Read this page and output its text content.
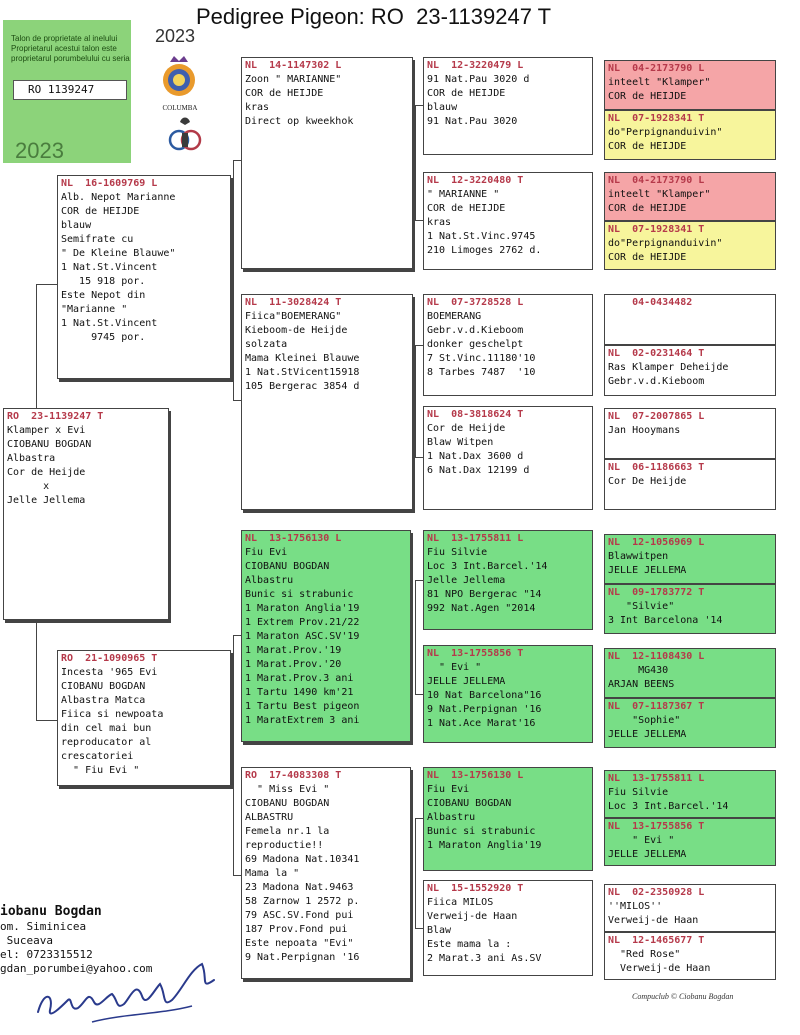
Pedigree Pigeon: RO  23-1139247 T
Talon de proprietate al inelului
Proprietarul acestui talon este
proprietarul porumbelului cu seria
RO 1139247
2023
2023
COLUMBA
RO  23-1139247 T
Klamper x Evi
CIOBANU BOGDAN
Albastra
Cor de Heijde
x
Jelle Jellema
NL  16-1609769 L
Alb. Nepot Marianne
COR de HEIJDE
blauw
Semifrate cu
" De Kleine Blauwe"
1 Nat.St.Vincent
15 918 por.
Este Nepot din
"Marianne "
1 Nat.St.Vincent
9745 por.
RO  21-1090965 T
Incesta '965 Evi
CIOBANU BOGDAN
Albastra Matca
Fiica si newpoata
din cel mai bun
reproducator al
crescatoriei
" Fiu Evi "
NL  14-1147302 L
Zoon " MARIANNE"
COR de HEIJDE
kras
Direct op kweekhok
NL  11-3028424 T
Fiica"BOEMERANG"
Kieboom-de Heijde
solzata
Mama Kleinei Blauwe
1 Nat.StVicent15918
105 Bergerac 3854 d
NL  13-1756130 L
Fiu Evi
CIOBANU BOGDAN
Albastru
Bunic si strabunic
1 Maraton Anglia'19
1 Extrem Prov.21/22
1 Maraton ASC.SV'19
1 Marat.Prov.'19
1 Marat.Prov.'20
1 Marat.Prov.3 ani
1 Tartu 1490 km'21
1 Tartu Best pigeon
1 MaratExtrem 3 ani
RO  17-4083308 T
" Miss Evi "
CIOBANU BOGDAN
ALBASTRU
Femela nr.1 la
reproductie!!
69 Madona Nat.10341
Mama la "
23 Madona Nat.9463
58 Zarnow 1 2572 p.
79 ASC.SV.Fond pui
187 Prov.Fond pui
Este nepoata "Evi"
9 Nat.Perpignan '16
NL  12-3220479 L
91 Nat.Pau 3020 d
COR de HEIJDE
blauw
91 Nat.Pau 3020
NL  12-3220480 T
" MARIANNE "
COR de HEIJDE
kras
1 Nat.St.Vinc.9745
210 Limoges 2762 d.
NL  07-3728528 L
BOEMERANG
Gebr.v.d.Kieboom
donker geschelpt
7 St.Vinc.11180'10
8 Tarbes 7487  '10
NL  08-3818624 T
Cor de Heijde
Blaw Witpen
1 Nat.Dax 3600 d
6 Nat.Dax 12199 d
NL  13-1755811 L
Fiu Silvie
Loc 3 Int.Barcel.'14
Jelle Jellema
81 NPO Bergerac "14
992 Nat.Agen "2014
NL  13-1755856 T
" Evi "
JELLE JELLEMA
10 Nat Barcelona"16
9 Nat.Perpignan '16
1 Nat.Ace Marat'16
NL  13-1756130 L
Fiu Evi
CIOBANU BOGDAN
Albastru
Bunic si strabunic
1 Maraton Anglia'19
NL  15-1552920 T
Fiica MILOS
Verweij-de Haan
Blaw
Este mama la :
2 Marat.3 ani As.SV
NL  04-2173790 L
inteelt "Klamper"
COR de HEIJDE
NL  07-1928341 T
do"Perpignanduivin"
COR de HEIJDE
NL  04-2173790 L
inteelt "Klamper"
COR de HEIJDE
NL  07-1928341 T
do"Perpignanduivin"
COR de HEIJDE
04-0434482
NL  02-0231464 T
Ras Klamper Deheijde
Gebr.v.d.Kieboom
NL  07-2007865 L
Jan Hooymans
NL  06-1186663 T
Cor De Heijde
NL  12-1056969 L
Blawwitpen
JELLE JELLEMA
NL  09-1783772 T
"Silvie"
3 Int Barcelona '14
NL  12-1108430 L
MG430
ARJAN BEENS
NL  07-1187367 T
"Sophie"
JELLE JELLEMA
NL  13-1755811 L
Fiu Silvie
Loc 3 Int.Barcel.'14
NL  13-1755856 T
" Evi "
JELLE JELLEMA
NL  02-2350928 L
''MILOS''
Verweij-de Haan
NL  12-1465677 T
"Red Rose"
Verweij-de Haan
iobanu Bogdan
om. Siminicea
Suceava
el: 0723315512
gdan_porumbei@yahoo.com
Compuclub © Ciobanu Bogdan
